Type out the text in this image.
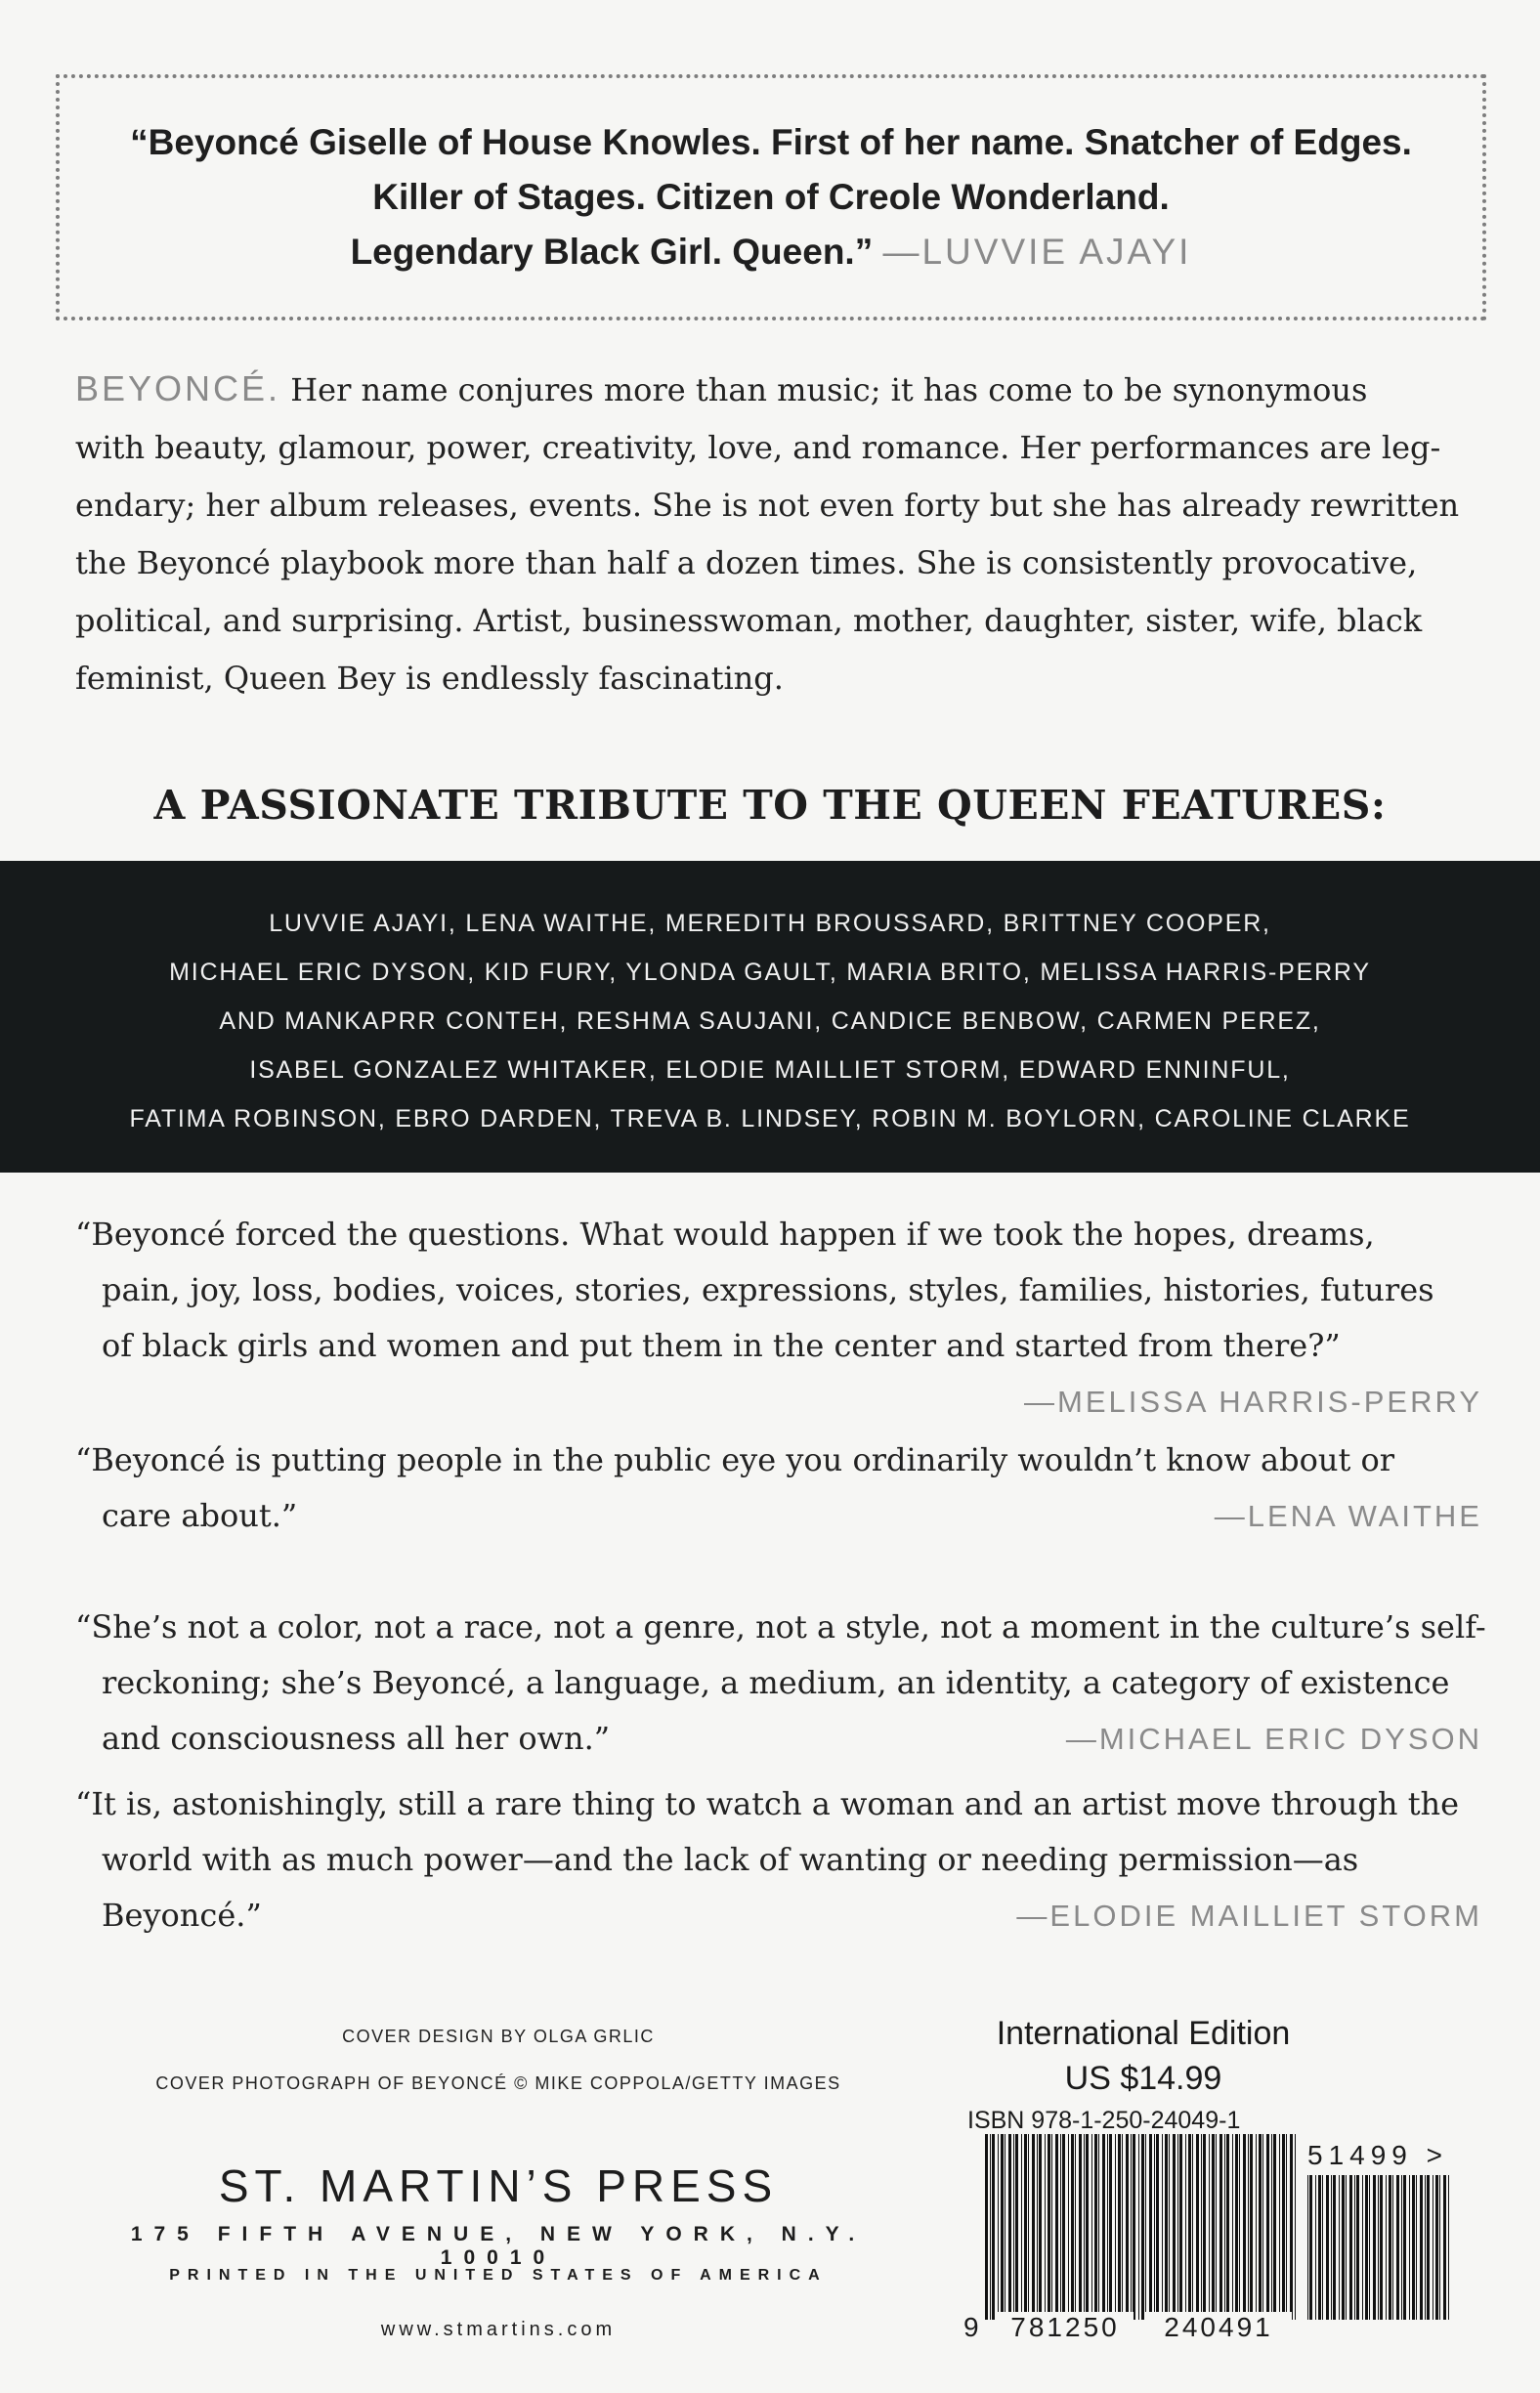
“Beyoncé Giselle of House Knowles. First of her name. Snatcher of Edges.
Killer of Stages. Citizen of Creole Wonderland.
Legendary Black Girl. Queen.” —LUVVIE AJAYI
BEYONCÉ. Her name conjures more than music; it has come to be synonymous
with beauty, glamour, power, creativity, love, and romance. Her performances are leg-
endary; her album releases, events. She is not even forty but she has already rewritten
the Beyoncé playbook more than half a dozen times. She is consistently provocative,
political, and surprising. Artist, businesswoman, mother, daughter, sister, wife, black
feminist, Queen Bey is endlessly fascinating.
A PASSIONATE TRIBUTE TO THE QUEEN FEATURES:
LUVVIE AJAYI, LENA WAITHE, MEREDITH BROUSSARD, BRITTNEY COOPER,
MICHAEL ERIC DYSON, KID FURY, YLONDA GAULT, MARIA BRITO, MELISSA HARRIS-PERRY
AND MANKAPRR CONTEH, RESHMA SAUJANI, CANDICE BENBOW, CARMEN PEREZ,
ISABEL GONZALEZ WHITAKER, ELODIE MAILLIET STORM, EDWARD ENNINFUL,
FATIMA ROBINSON, EBRO DARDEN, TREVA B. LINDSEY, ROBIN M. BOYLORN, CAROLINE CLARKE
“Beyoncé forced the questions. What would happen if we took the hopes, dreams,
pain, joy, loss, bodies, voices, stories, expressions, styles, families, histories, futures
of black girls and women and put them in the center and started from there?”
—MELISSA HARRIS-PERRY
“Beyoncé is putting people in the public eye you ordinarily wouldn’t know about or
care about.”	—LENA WAITHE
“She’s not a color, not a race, not a genre, not a style, not a moment in the culture’s self-
reckoning; she’s Beyoncé, a language, a medium, an identity, a category of existence
and consciousness all her own.”	—MICHAEL ERIC DYSON
“It is, astonishingly, still a rare thing to watch a woman and an artist move through the
world with as much power—and the lack of wanting or needing permission—as
Beyoncé.”	—ELODIE MAILLIET STORM
COVER DESIGN BY OLGA GRLIC
COVER PHOTOGRAPH OF BEYONCÉ © MIKE COPPOLA/GETTY IMAGES
ST. MARTIN’S PRESS
175 FIFTH AVENUE, NEW YORK, N.Y. 10010
PRINTED IN THE UNITED STATES OF AMERICA
www.stmartins.com
International Edition
US $14.99
ISBN 978-1-250-24049-1
51499 >
9	781250	240491
